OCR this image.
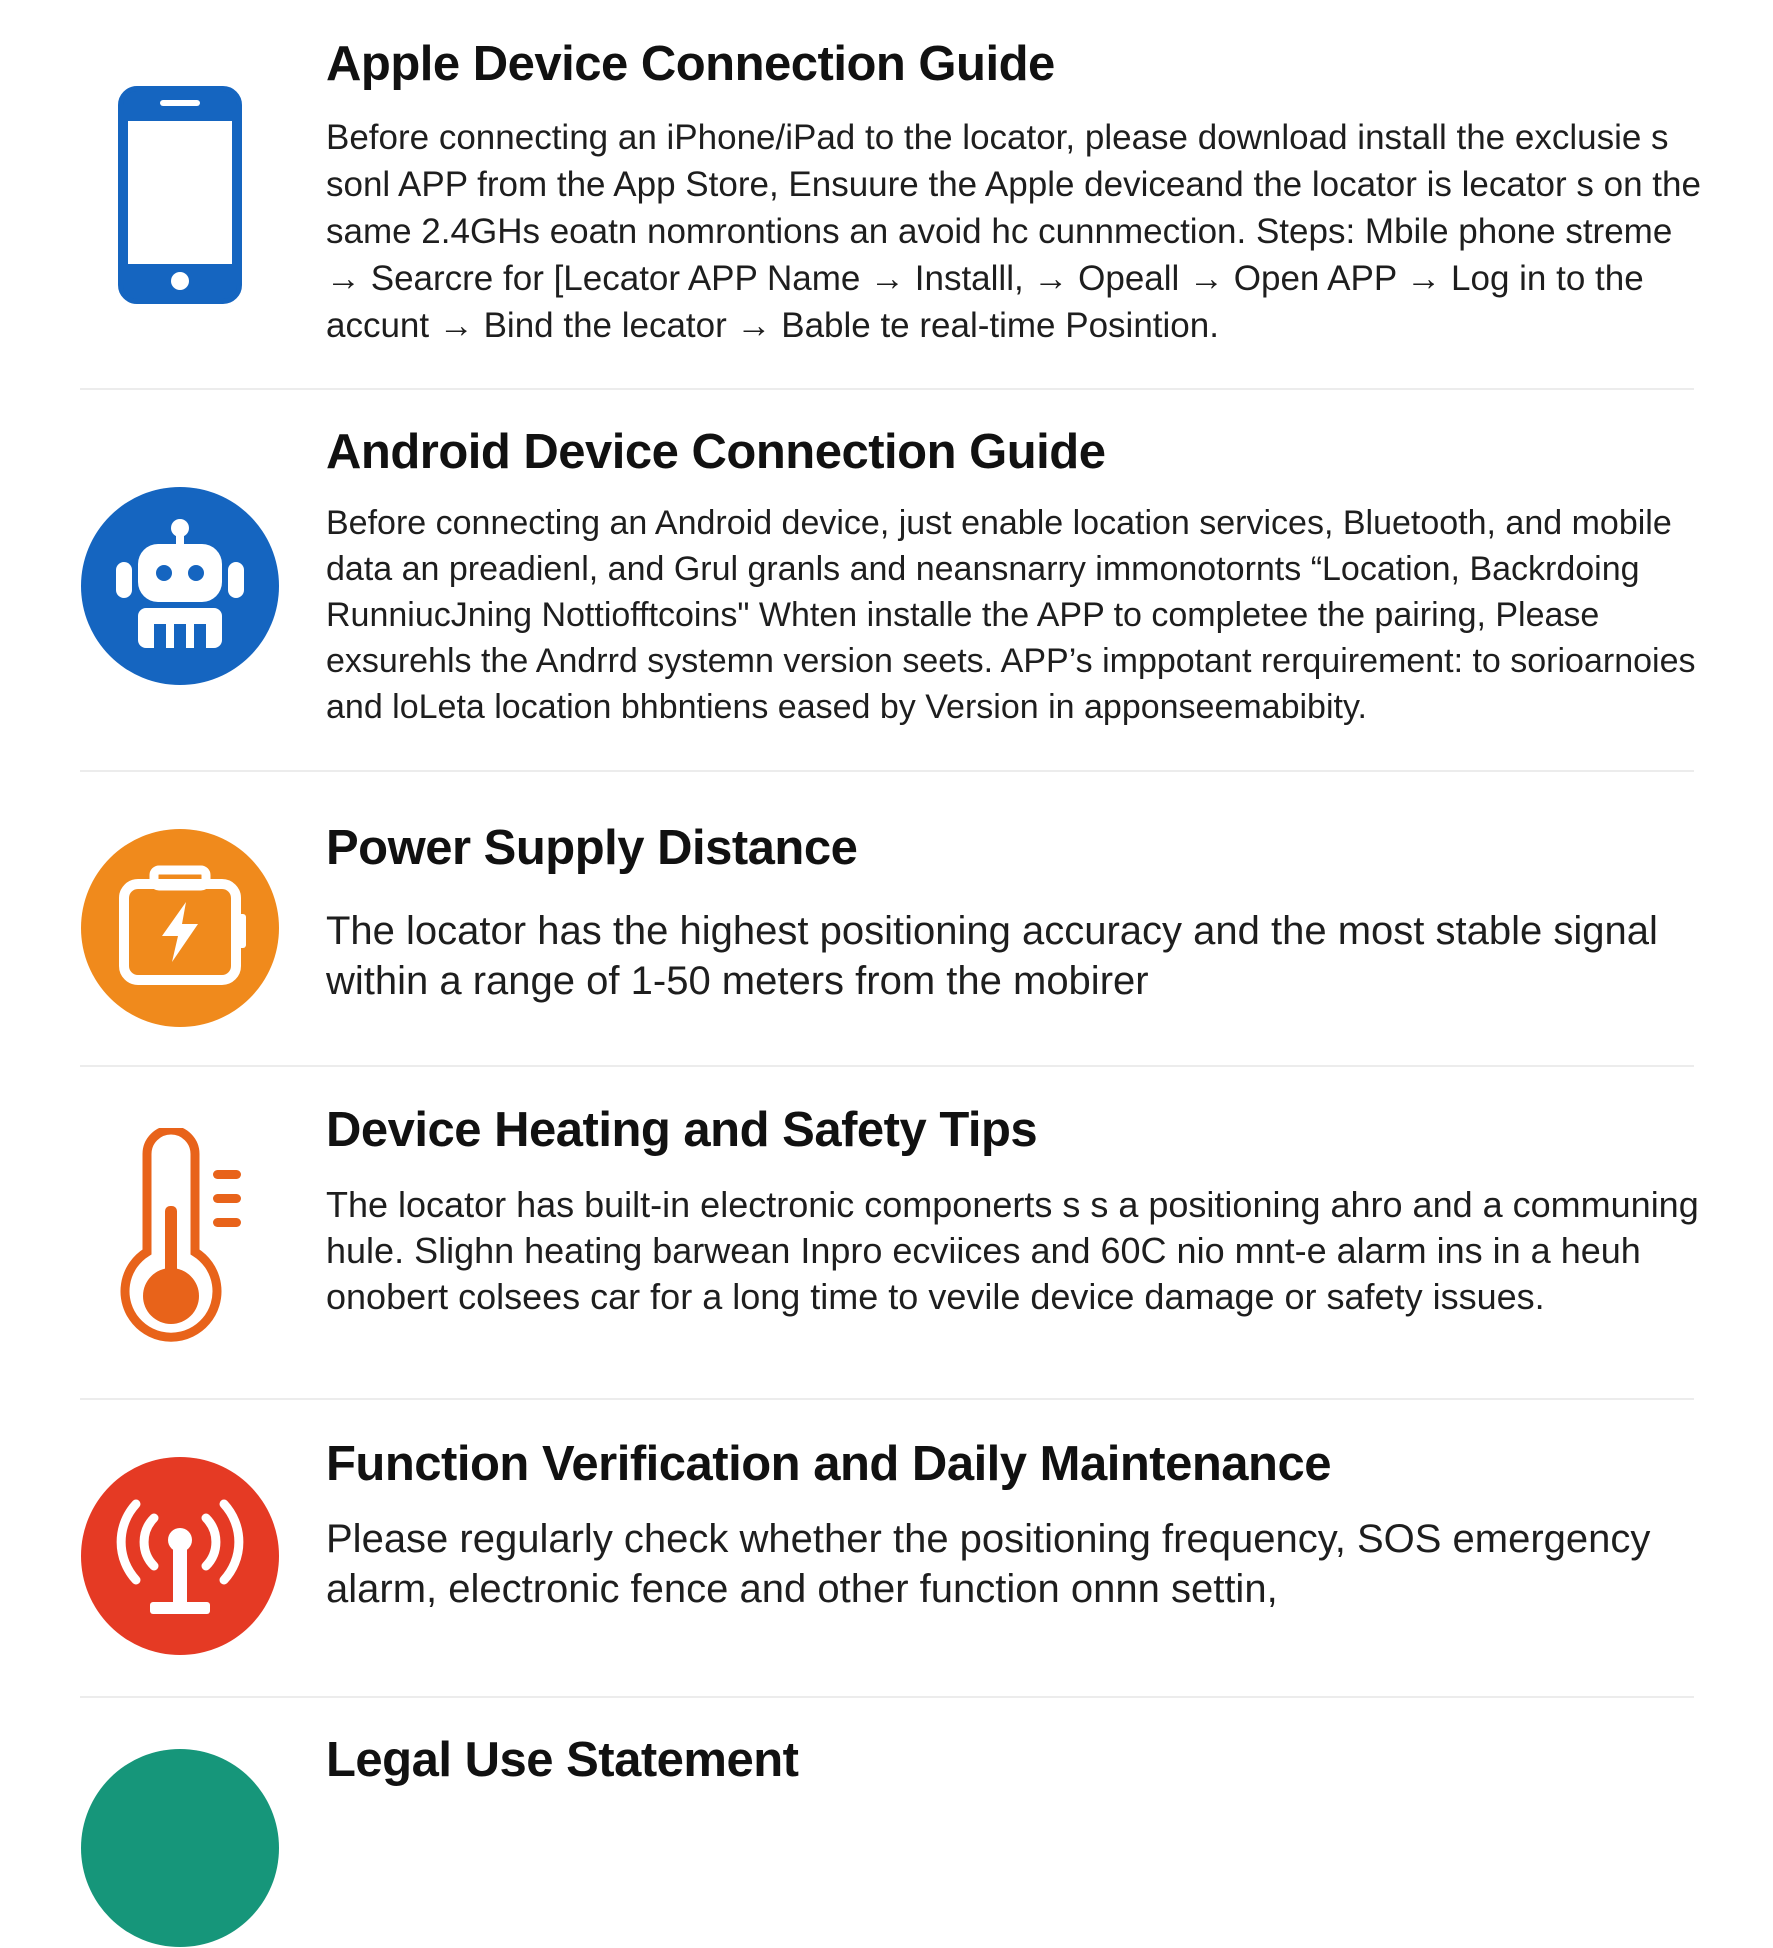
Apple Device Connection Guide

Before connecting an iPhone/iPad to the locator, please download install the exclusie s sonl APP from the App Store, Ensuure the Apple deviceand the locator is lecator s on the same 2.4GHs eoatn nomrontions an avoid hc cunnmection. Steps: Mbile phone streme → Searcre for [Lecator APP Name → Installl, → Opeall → Open APP → Log in to the accunt → Bind the lecator → Bable te real-time Posintion.

Android Device Connection Guide

Before connecting an Android device, just enable location services, Bluetooth, and mobile data an preadienl, and Grul granls and neansnarry immonotornts “Location, Backrdoing RunniucJning Nottiofftcoins" Whten installe the APP to completee the pairing, Please exsurehls the Andrrd systemn version seets. APP’s imppotant rerquirement: to sorioarnoies and loLeta location bhbntiens eased by Version in apponseemabibity.

Power Supply Distance

The locator has the highest positioning accuracy and the most stable signal within a range of 1-50 meters from the mobirer

Device Heating and Safety Tips

The locator has built-in electronic componerts s s a positioning ahro and a communing hule. Slighn heating barwean Inpro ecviices and 60C nio mnt-e alarm ins in a heuh onobert colsees car for a long time to vevile device damage or safety issues.

Function Verification and Daily Maintenance

Please regularly check whether the positioning frequency, SOS emergency alarm, electronic fence and other function onnn settin,

Legal Use Statement
